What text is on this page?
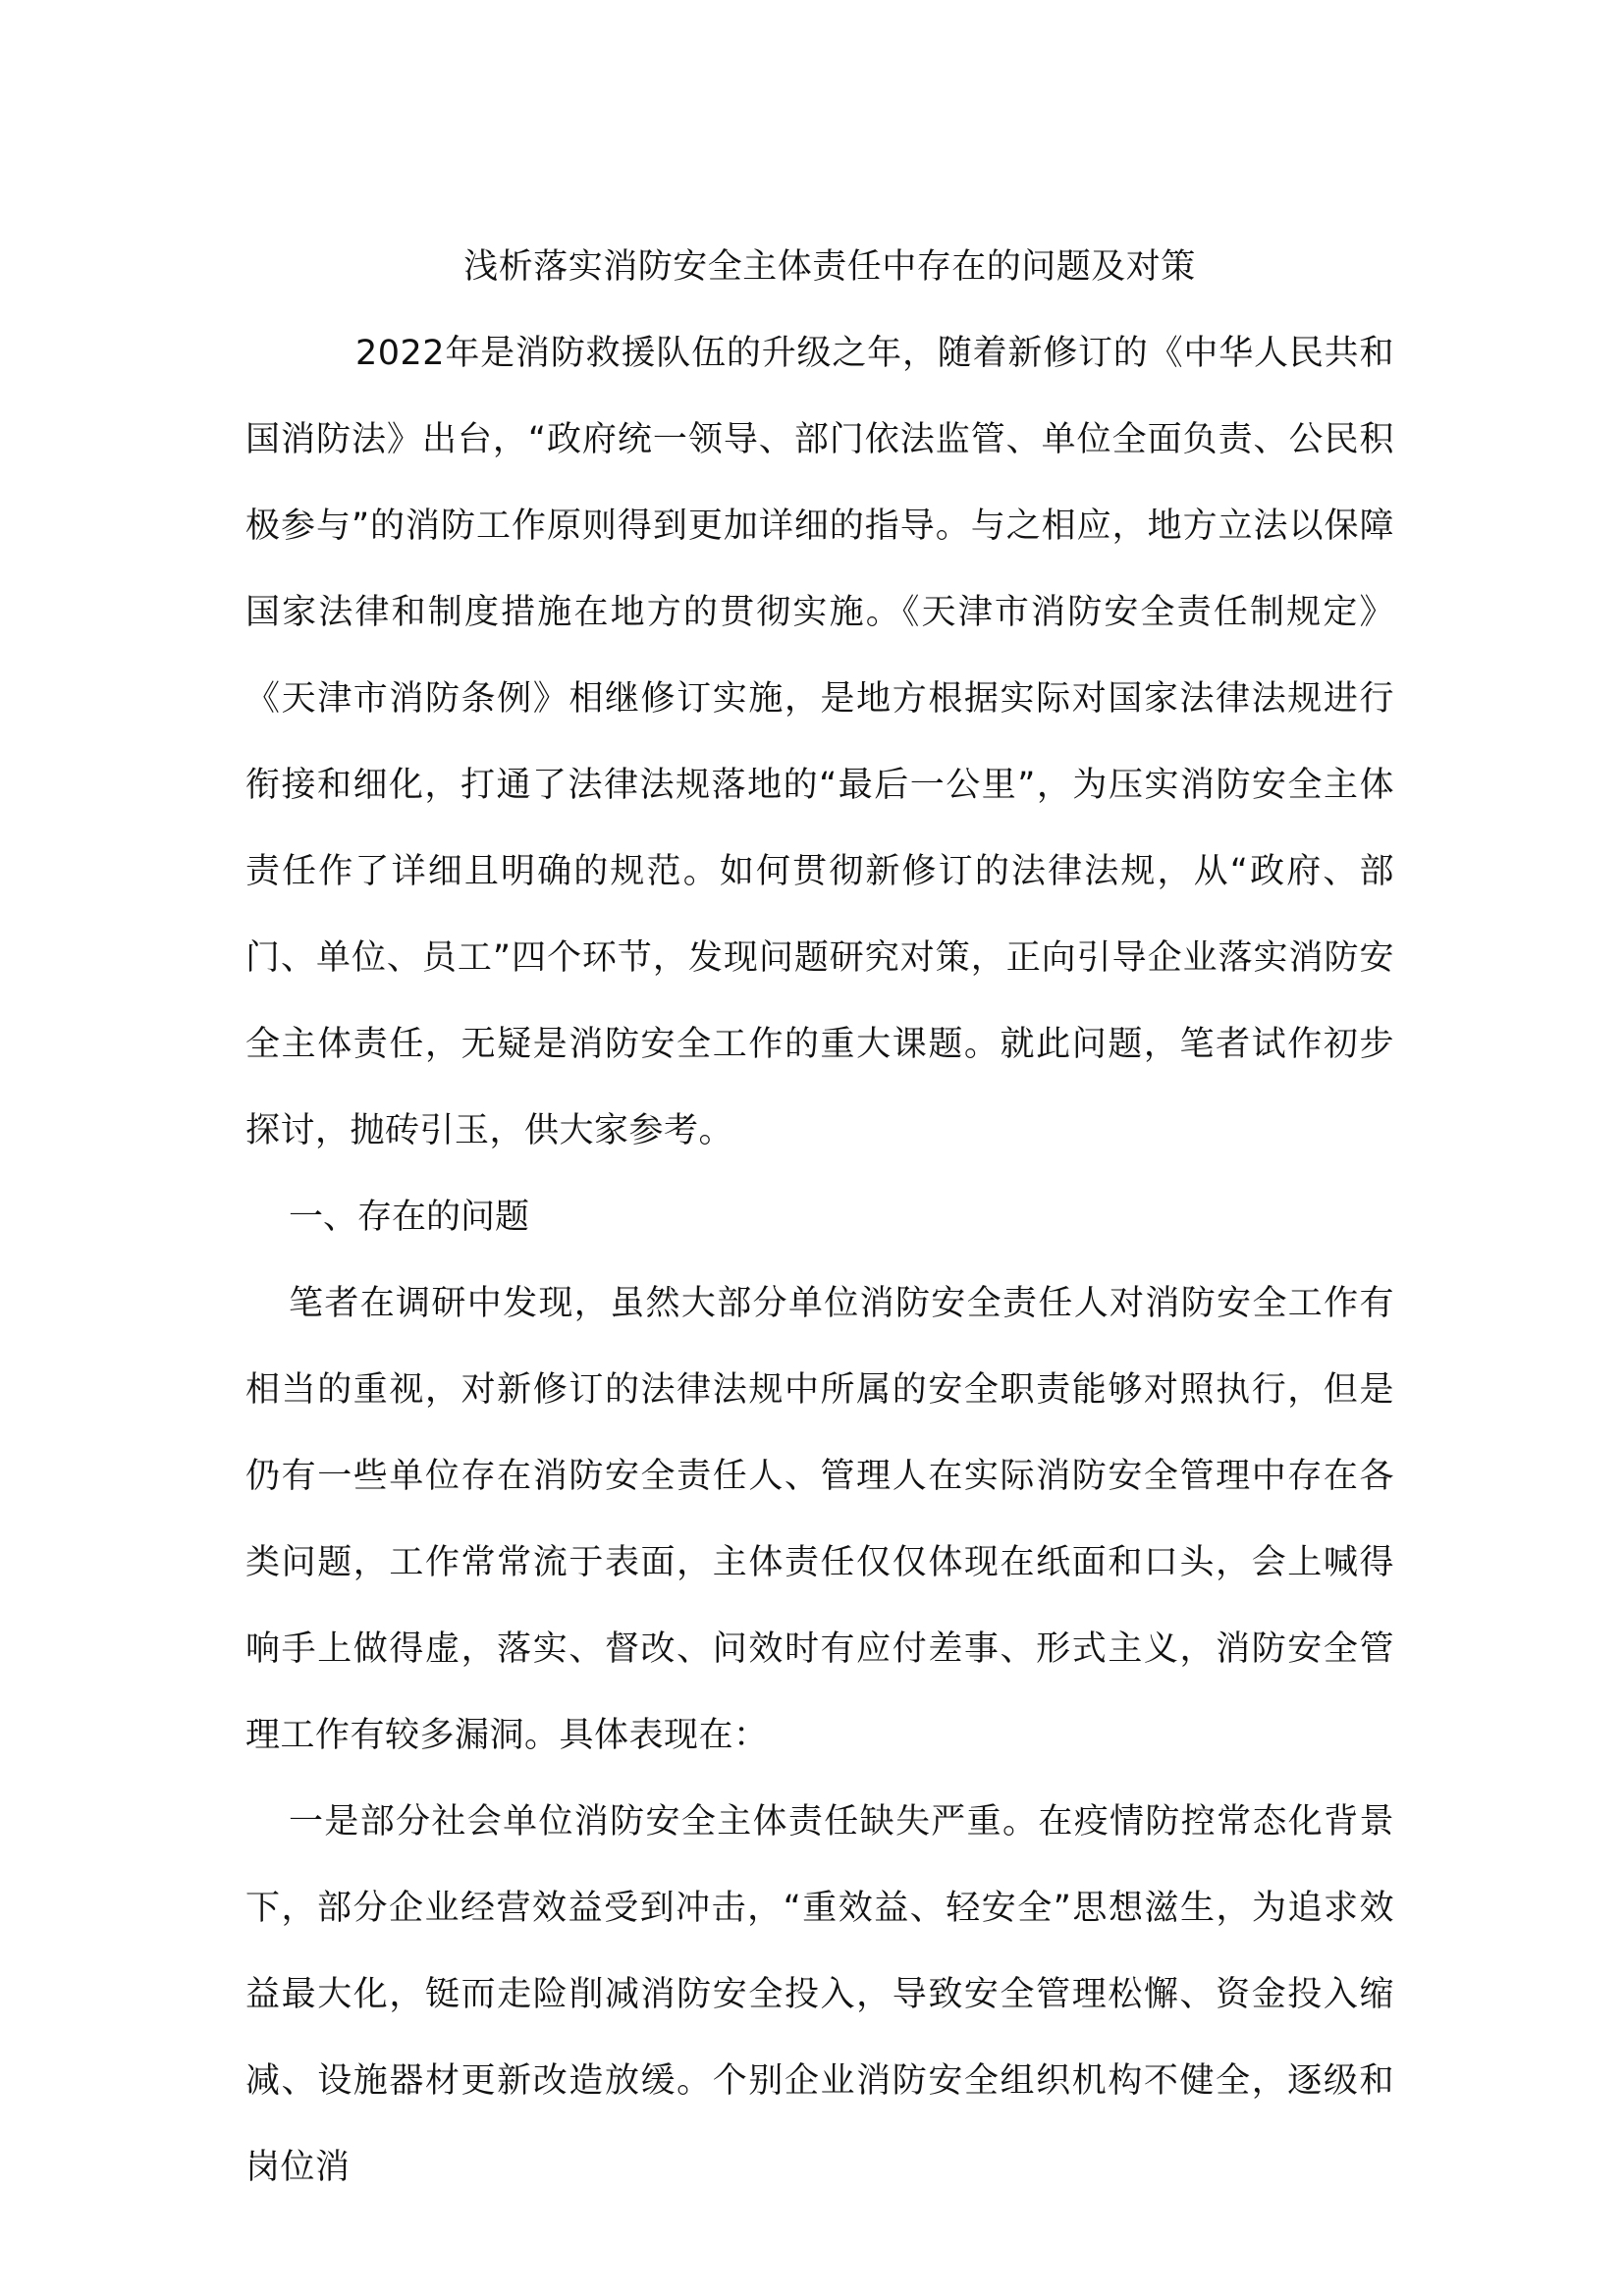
浅析落实消防安全主体责任中存在的问题及对策

2022年是消防救援队伍的升级之年，随着新修订的《中华人民共和国消防法》出台，“政府统一领导、部门依法监管、单位全面负责、公民积极参与”的消防工作原则得到更加详细的指导。与之相应，地方立法以保障国家法律和制度措施在地方的贯彻实施。《天津市消防安全责任制规定》《天津市消防条例》相继修订实施，是地方根据实际对国家法律法规进行衔接和细化，打通了法律法规落地的“最后一公里”，为压实消防安全主体责任作了详细且明确的规范。如何贯彻新修订的法律法规，从“政府、部门、单位、员工”四个环节，发现问题研究对策，正向引导企业落实消防安全主体责任，无疑是消防安全工作的重大课题。就此问题，笔者试作初步探讨，抛砖引玉，供大家参考。

一、存在的问题

笔者在调研中发现，虽然大部分单位消防安全责任人对消防安全工作有相当的重视，对新修订的法律法规中所属的安全职责能够对照执行，但是仍有一些单位存在消防安全责任人、管理人在实际消防安全管理中存在各类问题，工作常常流于表面，主体责任仅仅体现在纸面和口头，会上喊得响手上做得虚，落实、督改、问效时有应付差事、形式主义，消防安全管理工作有较多漏洞。具体表现在：

一是部分社会单位消防安全主体责任缺失严重。在疫情防控常态化背景下，部分企业经营效益受到冲击，“重效益、轻安全”思想滋生，为追求效益最大化，铤而走险削减消防安全投入，导致安全管理松懈、资金投入缩减、设施器材更新改造放缓。个别企业消防安全组织机构不健全，逐级和岗位消
